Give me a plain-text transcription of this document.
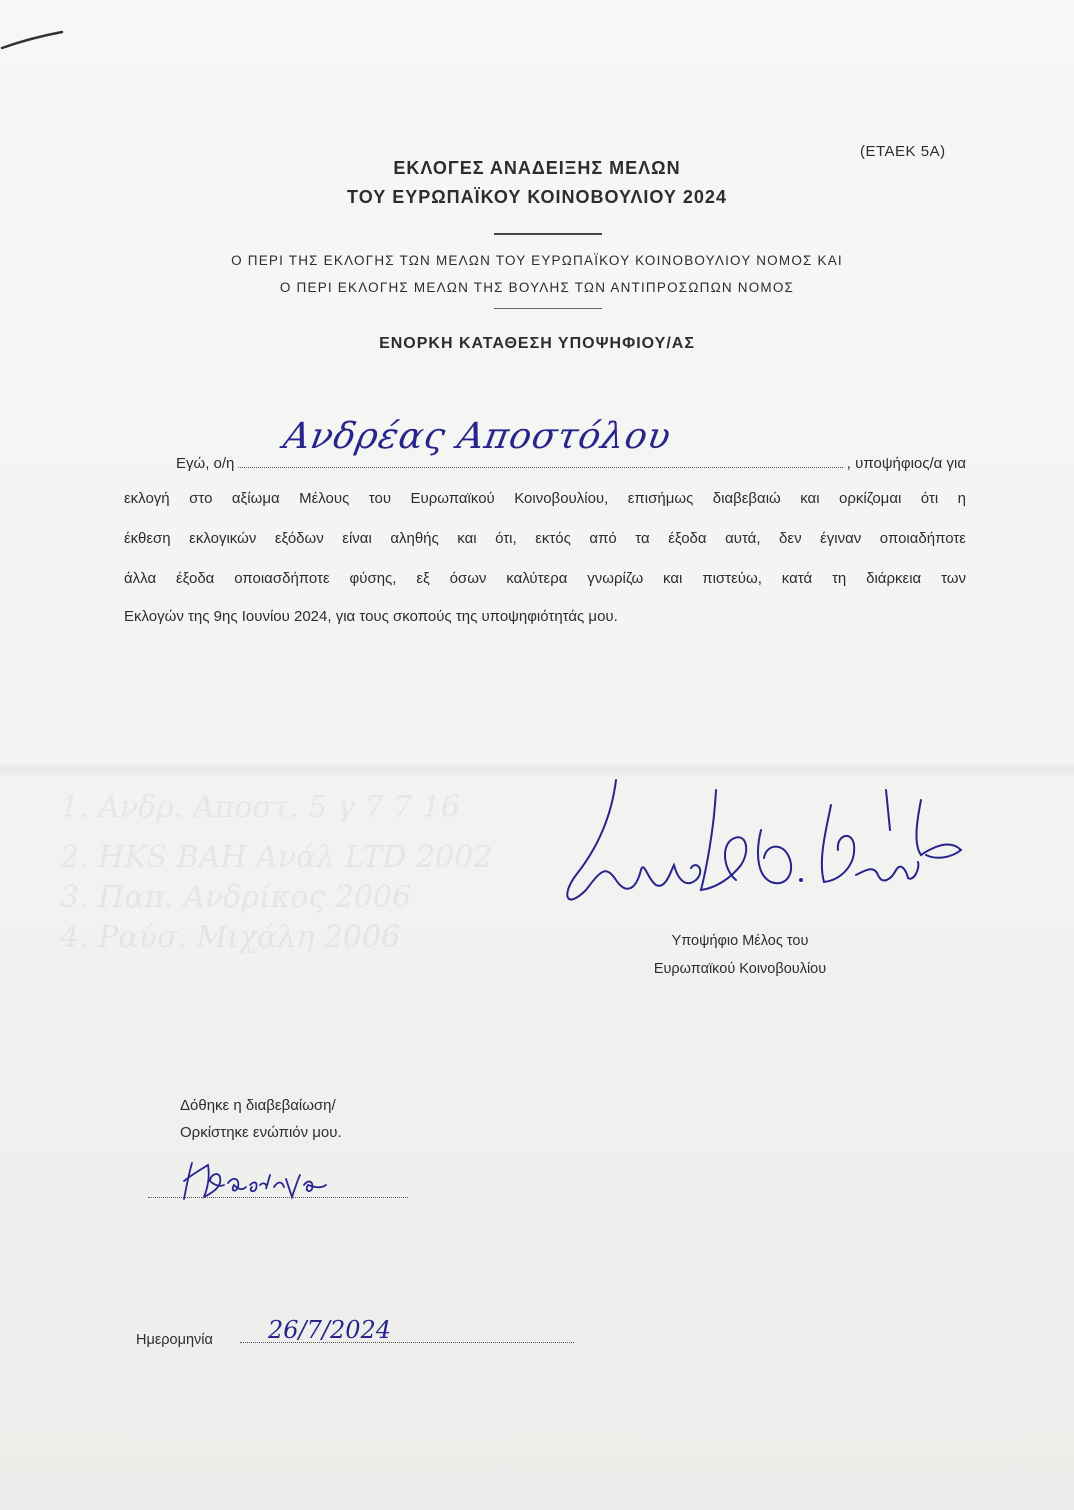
1. Ανδρ. Αποστ. 5 γ 7 7 16
2. ΗΚS ΒΑΗ Ανάλ LTD 2002
3. Παπ. Ανδρίκος 2006
4. Ραύσ. Μιχάλη 2006
(ΕΤΑΕΚ 5Α)
ΕΚΛΟΓΕΣ ΑΝΑΔΕΙΞΗΣ ΜΕΛΩΝ
ΤΟΥ ΕΥΡΩΠΑΪΚΟΥ ΚΟΙΝΟΒΟΥΛΙΟΥ 2024
Ο ΠΕΡΙ ΤΗΣ ΕΚΛΟΓΗΣ ΤΩΝ ΜΕΛΩΝ ΤΟΥ ΕΥΡΩΠΑΪΚΟΥ ΚΟΙΝΟΒΟΥΛΙΟΥ ΝΟΜΟΣ ΚΑΙ
Ο ΠΕΡΙ ΕΚΛΟΓΗΣ ΜΕΛΩΝ ΤΗΣ ΒΟΥΛΗΣ ΤΩΝ ΑΝΤΙΠΡΟΣΩΠΩΝ ΝΟΜΟΣ
ΕΝΟΡΚΗ ΚΑΤΑΘΕΣΗ ΥΠΟΨΗΦΙΟΥ/ΑΣ
Εγώ, ο/η	, υποψήφιος/α για
Ανδρέας Αποστόλου
εκλογή στο αξίωμα Μέλους του Ευρωπαϊκού Κοινοβουλίου, επισήμως διαβεβαιώ και ορκίζομαι ότι η
έκθεση εκλογικών εξόδων είναι αληθής και ότι, εκτός από τα έξοδα αυτά, δεν έγιναν οποιαδήποτε
άλλα έξοδα οποιασδήποτε φύσης, εξ όσων καλύτερα γνωρίζω και πιστεύω, κατά τη διάρκεια των
Εκλογών της 9ης Ιουνίου 2024, για τους σκοπούς της υποψηφιότητάς μου.
Υποψήφιο Μέλος του
Ευρωπαϊκού Κοινοβουλίου
Δόθηκε η διαβεβαίωση/
Ορκίστηκε ενώπιόν μου.
Ημερομηνία 26/7/2024
